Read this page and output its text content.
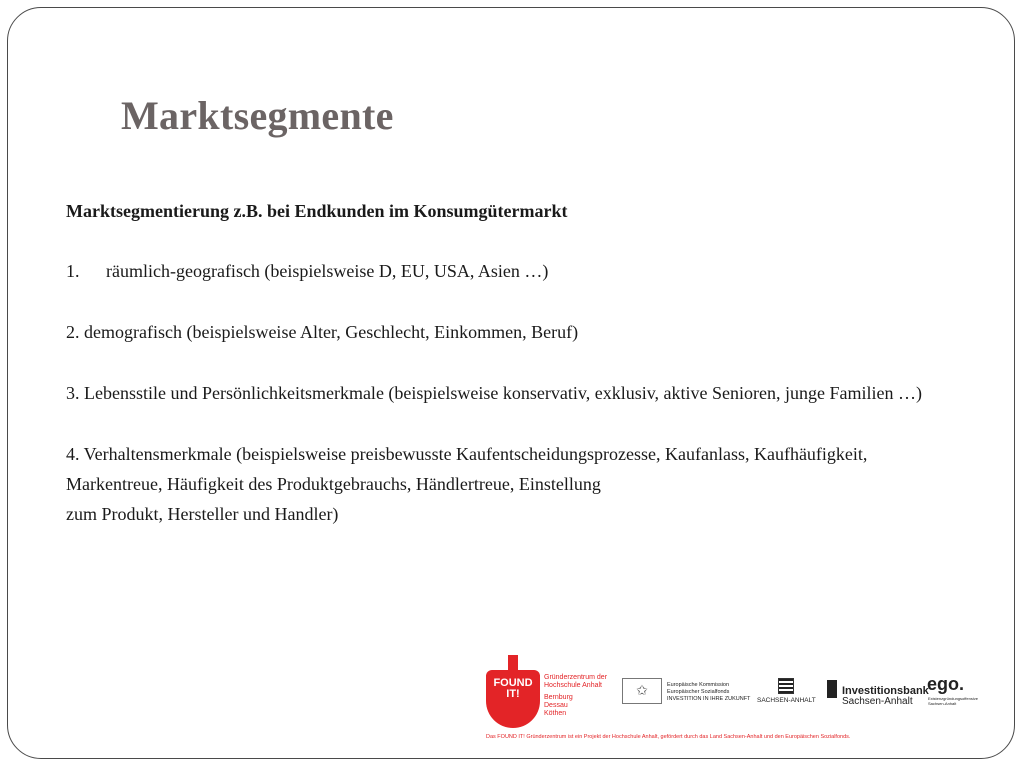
Marktsegmente
Marktsegmentierung z.B. bei Endkunden im Konsumgütermarkt
1. räumlich-geografisch (beispielsweise D, EU, USA, Asien …)
2. demografisch (beispielsweise Alter, Geschlecht, Einkommen, Beruf)
3. Lebensstile und Persönlichkeitsmerkmale (beispielsweise konservativ, exklusiv, aktive Senioren, junge Familien …)
4. Verhaltensmerkmale (beispielsweise preisbewusste Kaufentscheidungsprozesse, Kaufanlass, Kaufhäufigkeit,
Markentreue, Häufigkeit des Produktgebrauchs, Händlertreue, Einstellung
zum Produkt, Hersteller und Handler)
FOUND IT!
Gründerzentrum der
Hochschule Anhalt
Bernburg
Dessau
Köthen
✩	Europäische Kommission
Europäischer Sozialfonds
INVESTITION IN IHRE ZUKUNFT SACHSEN-ANHALT
Investitionsbank
Sachsen-Anhalt
ego.
Existenzgründungsoffensive Sachsen-Anhalt
Das FOUND IT! Gründerzentrum ist ein Projekt der Hochschule Anhalt, gefördert durch das Land Sachsen-Anhalt und den Europäischen Sozialfonds.
